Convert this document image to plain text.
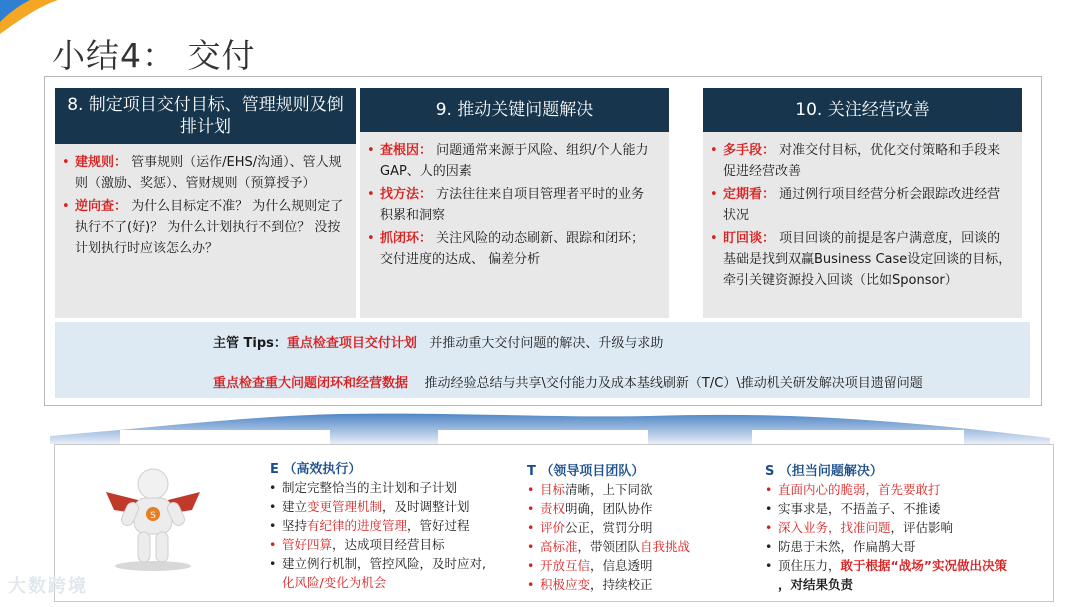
小结4： 交付
8. 制定项目交付目标、管理规则及倒排计划
• 建规则： 管事规则（运作/EHS/沟通）、管人规则（激励、奖惩）、管财规则（预算授予）
• 逆向查： 为什么目标定不准？ 为什么规则定了执行不了(好)？ 为什么计划执行不到位？ 没按计划执行时应该怎么办？
9. 推动关键问题解决
• 查根因： 问题通常来源于风险、组织/个人能力GAP、人的因素
• 找方法： 方法往往来自项目管理者平时的业务积累和洞察
• 抓闭环： 关注风险的动态刷新、跟踪和闭环；交付进度的达成、 偏差分析
10. 关注经营改善
• 多手段： 对准交付目标，优化交付策略和手段来促进经营改善
• 定期看： 通过例行项目经营分析会跟踪改进经营状况
• 盯回谈： 项目回谈的前提是客户满意度，回谈的基础是找到双赢Business Case设定回谈的目标，牵引关键资源投入回谈（比如Sponsor）
主管 Tips：重点检查项目交付计划 并推动重大交付问题的解决、升级与求助
重点检查重大问题闭环和经营数据 推动经验总结与共享\交付能力及成本基线刷新（T/C）\推动机关研发解决项目遗留问题
S
E （高效执行）
• 制定完整恰当的主计划和子计划
• 建立变更管理机制，及时调整计划
• 坚持有纪律的进度管理，管好过程
• 管好四算，达成项目经营目标
• 建立例行机制，管控风险，及时应对,
化风险/变化为机会
T （领导项目团队）
• 目标清晰，上下同欲
• 责权明确，团队协作
• 评价公正，赏罚分明
• 高标准，带领团队自我挑战
• 开放互信，信息透明
• 积极应变，持续校正
S （担当问题解决）
• 直面内心的脆弱，首先要敢打
• 实事求是，不捂盖子、不推诿
• 深入业务，找准问题，评估影响
• 防患于未然，作扁鹊大哥
• 顶住压力，敢于根据“战场”实况做出决策
，对结果负责
大数跨境
